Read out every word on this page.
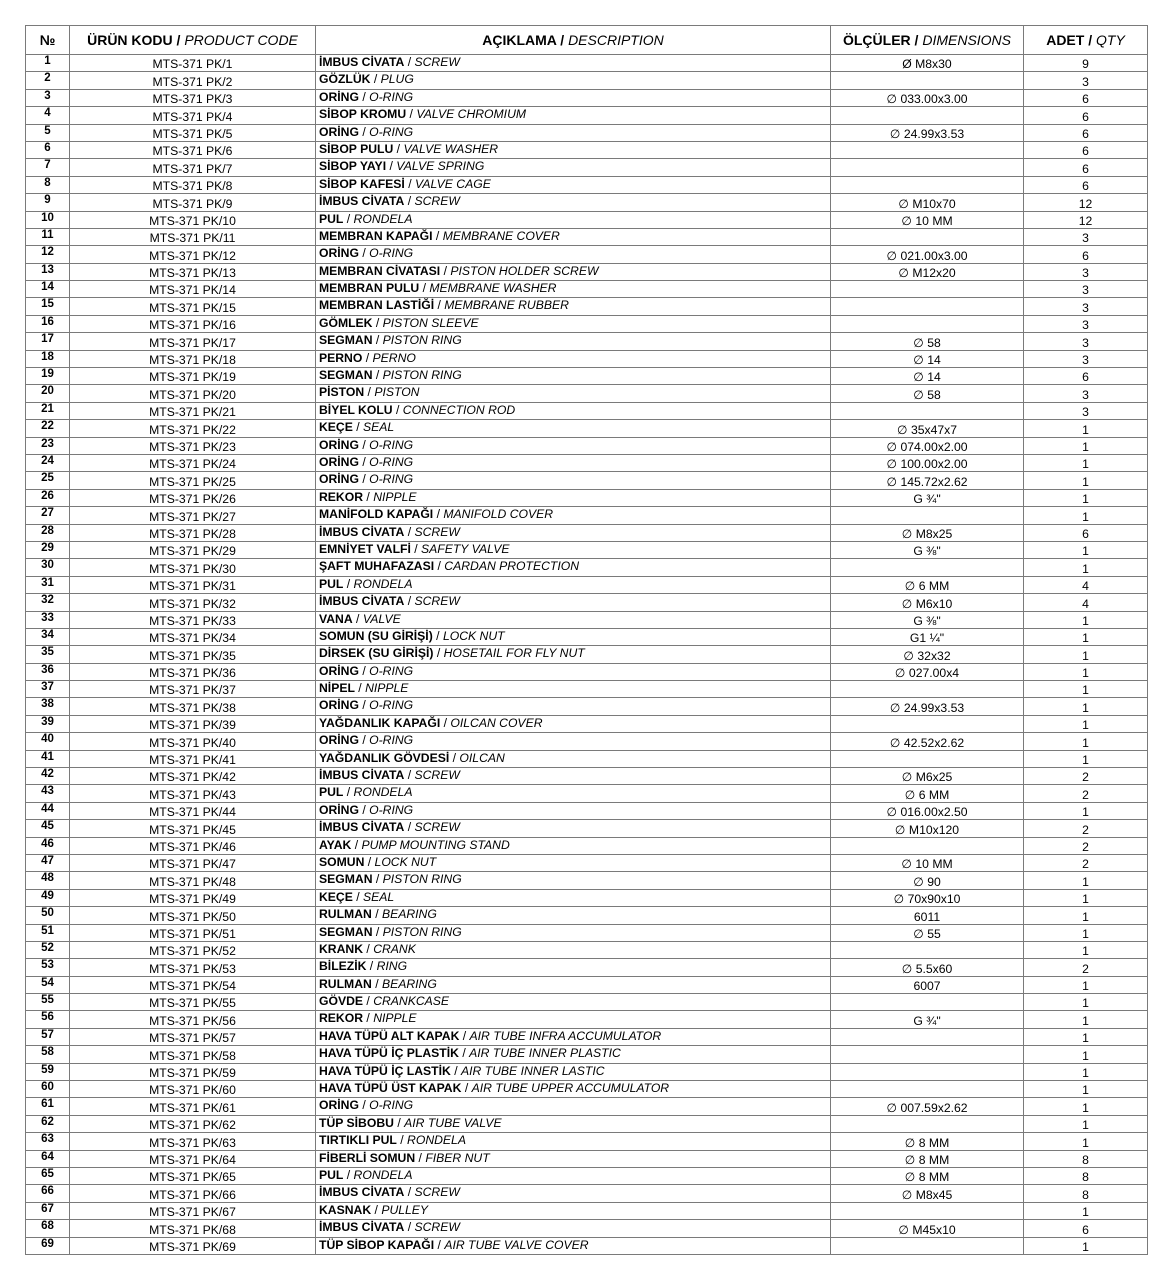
№	ÜRÜN KODU / PRODUCT CODE	AÇIKLAMA / DESCRIPTION	ÖLÇÜLER / DIMENSIONS	ADET / QTY
1	MTS-371 PK/1	İMBUS CİVATA / SCREW	Ø M8x30	9
2	MTS-371 PK/2	GÖZLÜK / PLUG		3
3	MTS-371 PK/3	ORİNG / O-RING	∅ 033.00x3.00	6
4	MTS-371 PK/4	SİBOP KROMU / VALVE CHROMIUM		6
5	MTS-371 PK/5	ORİNG / O-RING	∅ 24.99x3.53	6
6	MTS-371 PK/6	SİBOP PULU / VALVE WASHER		6
7	MTS-371 PK/7	SİBOP YAYI / VALVE SPRING		6
8	MTS-371 PK/8	SİBOP KAFESİ / VALVE CAGE		6
9	MTS-371 PK/9	İMBUS CİVATA / SCREW	∅ M10x70	12
10	MTS-371 PK/10	PUL / RONDELA	∅ 10 MM	12
11	MTS-371 PK/11	MEMBRAN KAPAĞI / MEMBRANE COVER		3
12	MTS-371 PK/12	ORİNG / O-RING	∅ 021.00x3.00	6
13	MTS-371 PK/13	MEMBRAN CİVATASI / PISTON HOLDER SCREW	∅ M12x20	3
14	MTS-371 PK/14	MEMBRAN PULU / MEMBRANE WASHER		3
15	MTS-371 PK/15	MEMBRAN LASTİĞİ / MEMBRANE RUBBER		3
16	MTS-371 PK/16	GÖMLEK / PISTON SLEEVE		3
17	MTS-371 PK/17	SEGMAN / PISTON RING	∅ 58	3
18	MTS-371 PK/18	PERNO / PERNO	∅ 14	3
19	MTS-371 PK/19	SEGMAN / PISTON RING	∅ 14	6
20	MTS-371 PK/20	PİSTON / PISTON	∅ 58	3
21	MTS-371 PK/21	BİYEL KOLU / CONNECTION ROD		3
22	MTS-371 PK/22	KEÇE / SEAL	∅ 35x47x7	1
23	MTS-371 PK/23	ORİNG / O-RING	∅ 074.00x2.00	1
24	MTS-371 PK/24	ORİNG / O-RING	∅ 100.00x2.00	1
25	MTS-371 PK/25	ORİNG / O-RING	∅ 145.72x2.62	1
26	MTS-371 PK/26	REKOR / NIPPLE	G ¾"	1
27	MTS-371 PK/27	MANİFOLD KAPAĞI / MANIFOLD COVER		1
28	MTS-371 PK/28	İMBUS CİVATA / SCREW	∅ M8x25	6
29	MTS-371 PK/29	EMNİYET VALFİ / SAFETY VALVE	G ⅜"	1
30	MTS-371 PK/30	ŞAFT MUHAFAZASI / CARDAN PROTECTION		1
31	MTS-371 PK/31	PUL / RONDELA	∅ 6 MM	4
32	MTS-371 PK/32	İMBUS CİVATA / SCREW	∅ M6x10	4
33	MTS-371 PK/33	VANA / VALVE	G ⅜"	1
34	MTS-371 PK/34	SOMUN (SU GİRİŞİ) / LOCK NUT	G1 ¼"	1
35	MTS-371 PK/35	DİRSEK (SU GİRİŞİ) / HOSETAIL FOR FLY NUT	∅ 32x32	1
36	MTS-371 PK/36	ORİNG / O-RING	∅ 027.00x4	1
37	MTS-371 PK/37	NİPEL / NIPPLE		1
38	MTS-371 PK/38	ORİNG / O-RING	∅ 24.99x3.53	1
39	MTS-371 PK/39	YAĞDANLIK KAPAĞI / OILCAN COVER		1
40	MTS-371 PK/40	ORİNG / O-RING	∅ 42.52x2.62	1
41	MTS-371 PK/41	YAĞDANLIK GÖVDESİ / OILCAN		1
42	MTS-371 PK/42	İMBUS CİVATA / SCREW	∅ M6x25	2
43	MTS-371 PK/43	PUL / RONDELA	∅ 6 MM	2
44	MTS-371 PK/44	ORİNG / O-RING	∅ 016.00x2.50	1
45	MTS-371 PK/45	İMBUS CİVATA / SCREW	∅ M10x120	2
46	MTS-371 PK/46	AYAK / PUMP MOUNTING STAND		2
47	MTS-371 PK/47	SOMUN / LOCK NUT	∅ 10 MM	2
48	MTS-371 PK/48	SEGMAN / PISTON RING	∅ 90	1
49	MTS-371 PK/49	KEÇE / SEAL	∅ 70x90x10	1
50	MTS-371 PK/50	RULMAN / BEARING	6011	1
51	MTS-371 PK/51	SEGMAN / PISTON RING	∅ 55	1
52	MTS-371 PK/52	KRANK / CRANK		1
53	MTS-371 PK/53	BİLEZİK / RING	∅ 5.5x60	2
54	MTS-371 PK/54	RULMAN / BEARING	6007	1
55	MTS-371 PK/55	GÖVDE / CRANKCASE		1
56	MTS-371 PK/56	REKOR / NIPPLE	G ¾"	1
57	MTS-371 PK/57	HAVA TÜPÜ ALT KAPAK / AIR TUBE INFRA ACCUMULATOR		1
58	MTS-371 PK/58	HAVA TÜPÜ İÇ PLASTİK / AIR TUBE INNER PLASTIC		1
59	MTS-371 PK/59	HAVA TÜPÜ İÇ LASTİK / AIR TUBE INNER LASTIC		1
60	MTS-371 PK/60	HAVA TÜPÜ ÜST KAPAK / AIR TUBE UPPER ACCUMULATOR		1
61	MTS-371 PK/61	ORİNG / O-RING	∅ 007.59x2.62	1
62	MTS-371 PK/62	TÜP SİBOBU / AIR TUBE VALVE		1
63	MTS-371 PK/63	TIRTIKLI PUL / RONDELA	∅ 8 MM	1
64	MTS-371 PK/64	FİBERLİ SOMUN / FIBER NUT	∅ 8 MM	8
65	MTS-371 PK/65	PUL / RONDELA	∅ 8 MM	8
66	MTS-371 PK/66	İMBUS CİVATA / SCREW	∅ M8x45	8
67	MTS-371 PK/67	KASNAK / PULLEY		1
68	MTS-371 PK/68	İMBUS CİVATA / SCREW	∅ M45x10	6
69	MTS-371 PK/69	TÜP SİBOP KAPAĞI / AIR TUBE VALVE COVER		1
